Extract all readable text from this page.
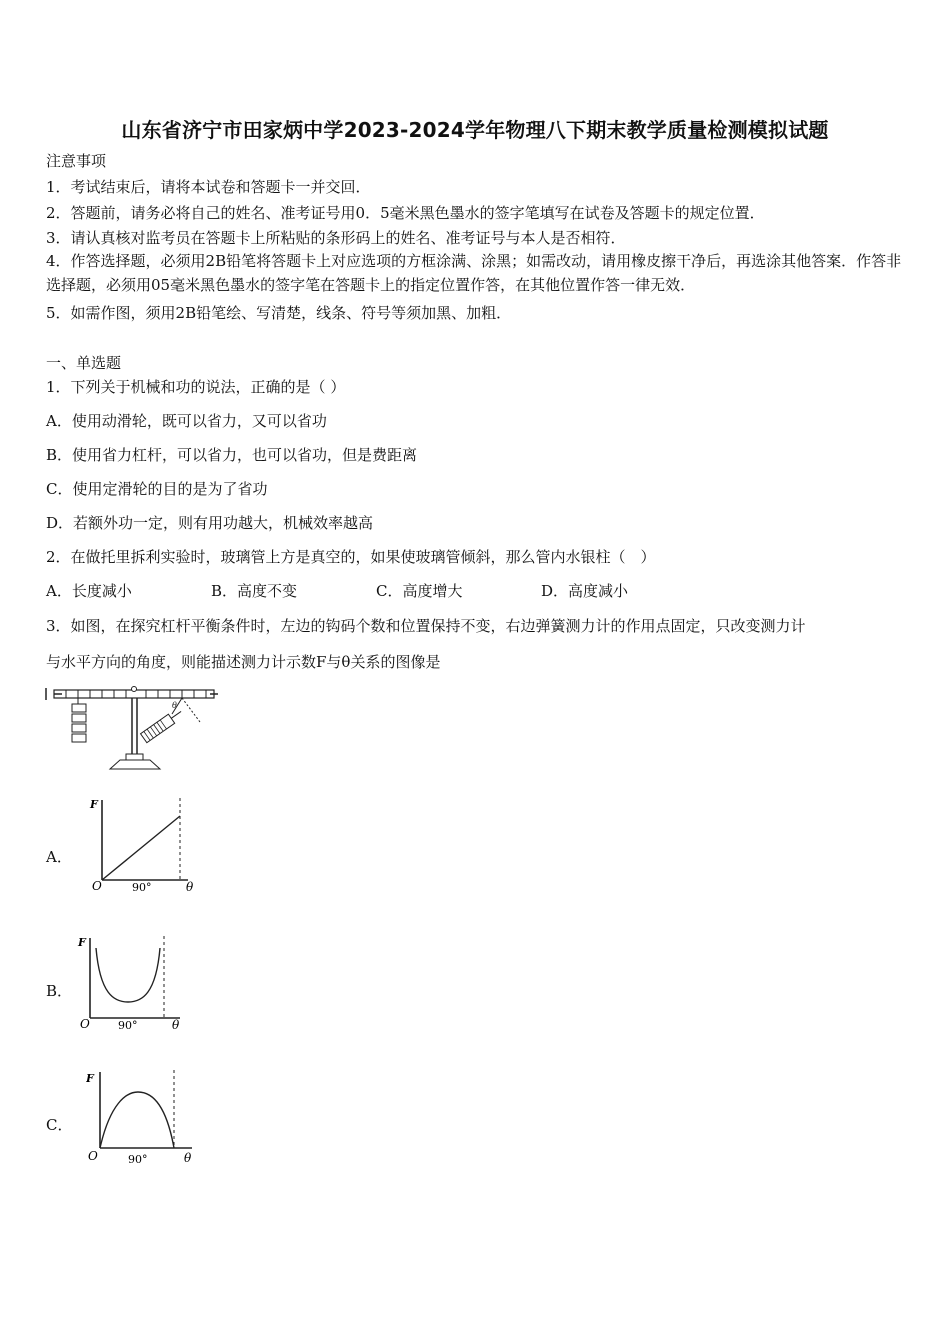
山东省济宁市田家炳中学2023-2024学年物理八下期末教学质量检测模拟试题
注意事项
1．考试结束后，请将本试卷和答题卡一并交回．
2．答题前，请务必将自己的姓名、准考证号用0．5毫米黑色墨水的签字笔填写在试卷及答题卡的规定位置．
3．请认真核对监考员在答题卡上所粘贴的条形码上的姓名、准考证号与本人是否相符．
4．作答选择题，必须用2B铅笔将答题卡上对应选项的方框涂满、涂黑；如需改动，请用橡皮擦干净后，再选涂其他答案．作答非选择题，必须用05毫米黑色墨水的签字笔在答题卡上的指定位置作答，在其他位置作答一律无效．
5．如需作图，须用2B铅笔绘、写清楚，线条、符号等须加黑、加粗．
一、单选题
1．下列关于机械和功的说法，正确的是（ ）
A．使用动滑轮，既可以省力，又可以省功
B．使用省力杠杆，可以省力，也可以省功，但是费距离
C．使用定滑轮的目的是为了省功
D．若额外功一定，则有用功越大，机械效率越高
2．在做托里拆利实验时，玻璃管上方是真空的，如果使玻璃管倾斜，那么管内水银柱（　）
A．长度减小	B．高度不变	C．高度增大	D．高度减小
3．如图，在探究杠杆平衡条件时，左边的钩码个数和位置保持不变，右边弹簧测力计的作用点固定，只改变测力计
与水平方向的角度，则能描述测力计示数F与θ关系的图像是
θ
A．
F
O	90°	θ
B．
F
O	90°	θ
C．
F
O	90°	θ
